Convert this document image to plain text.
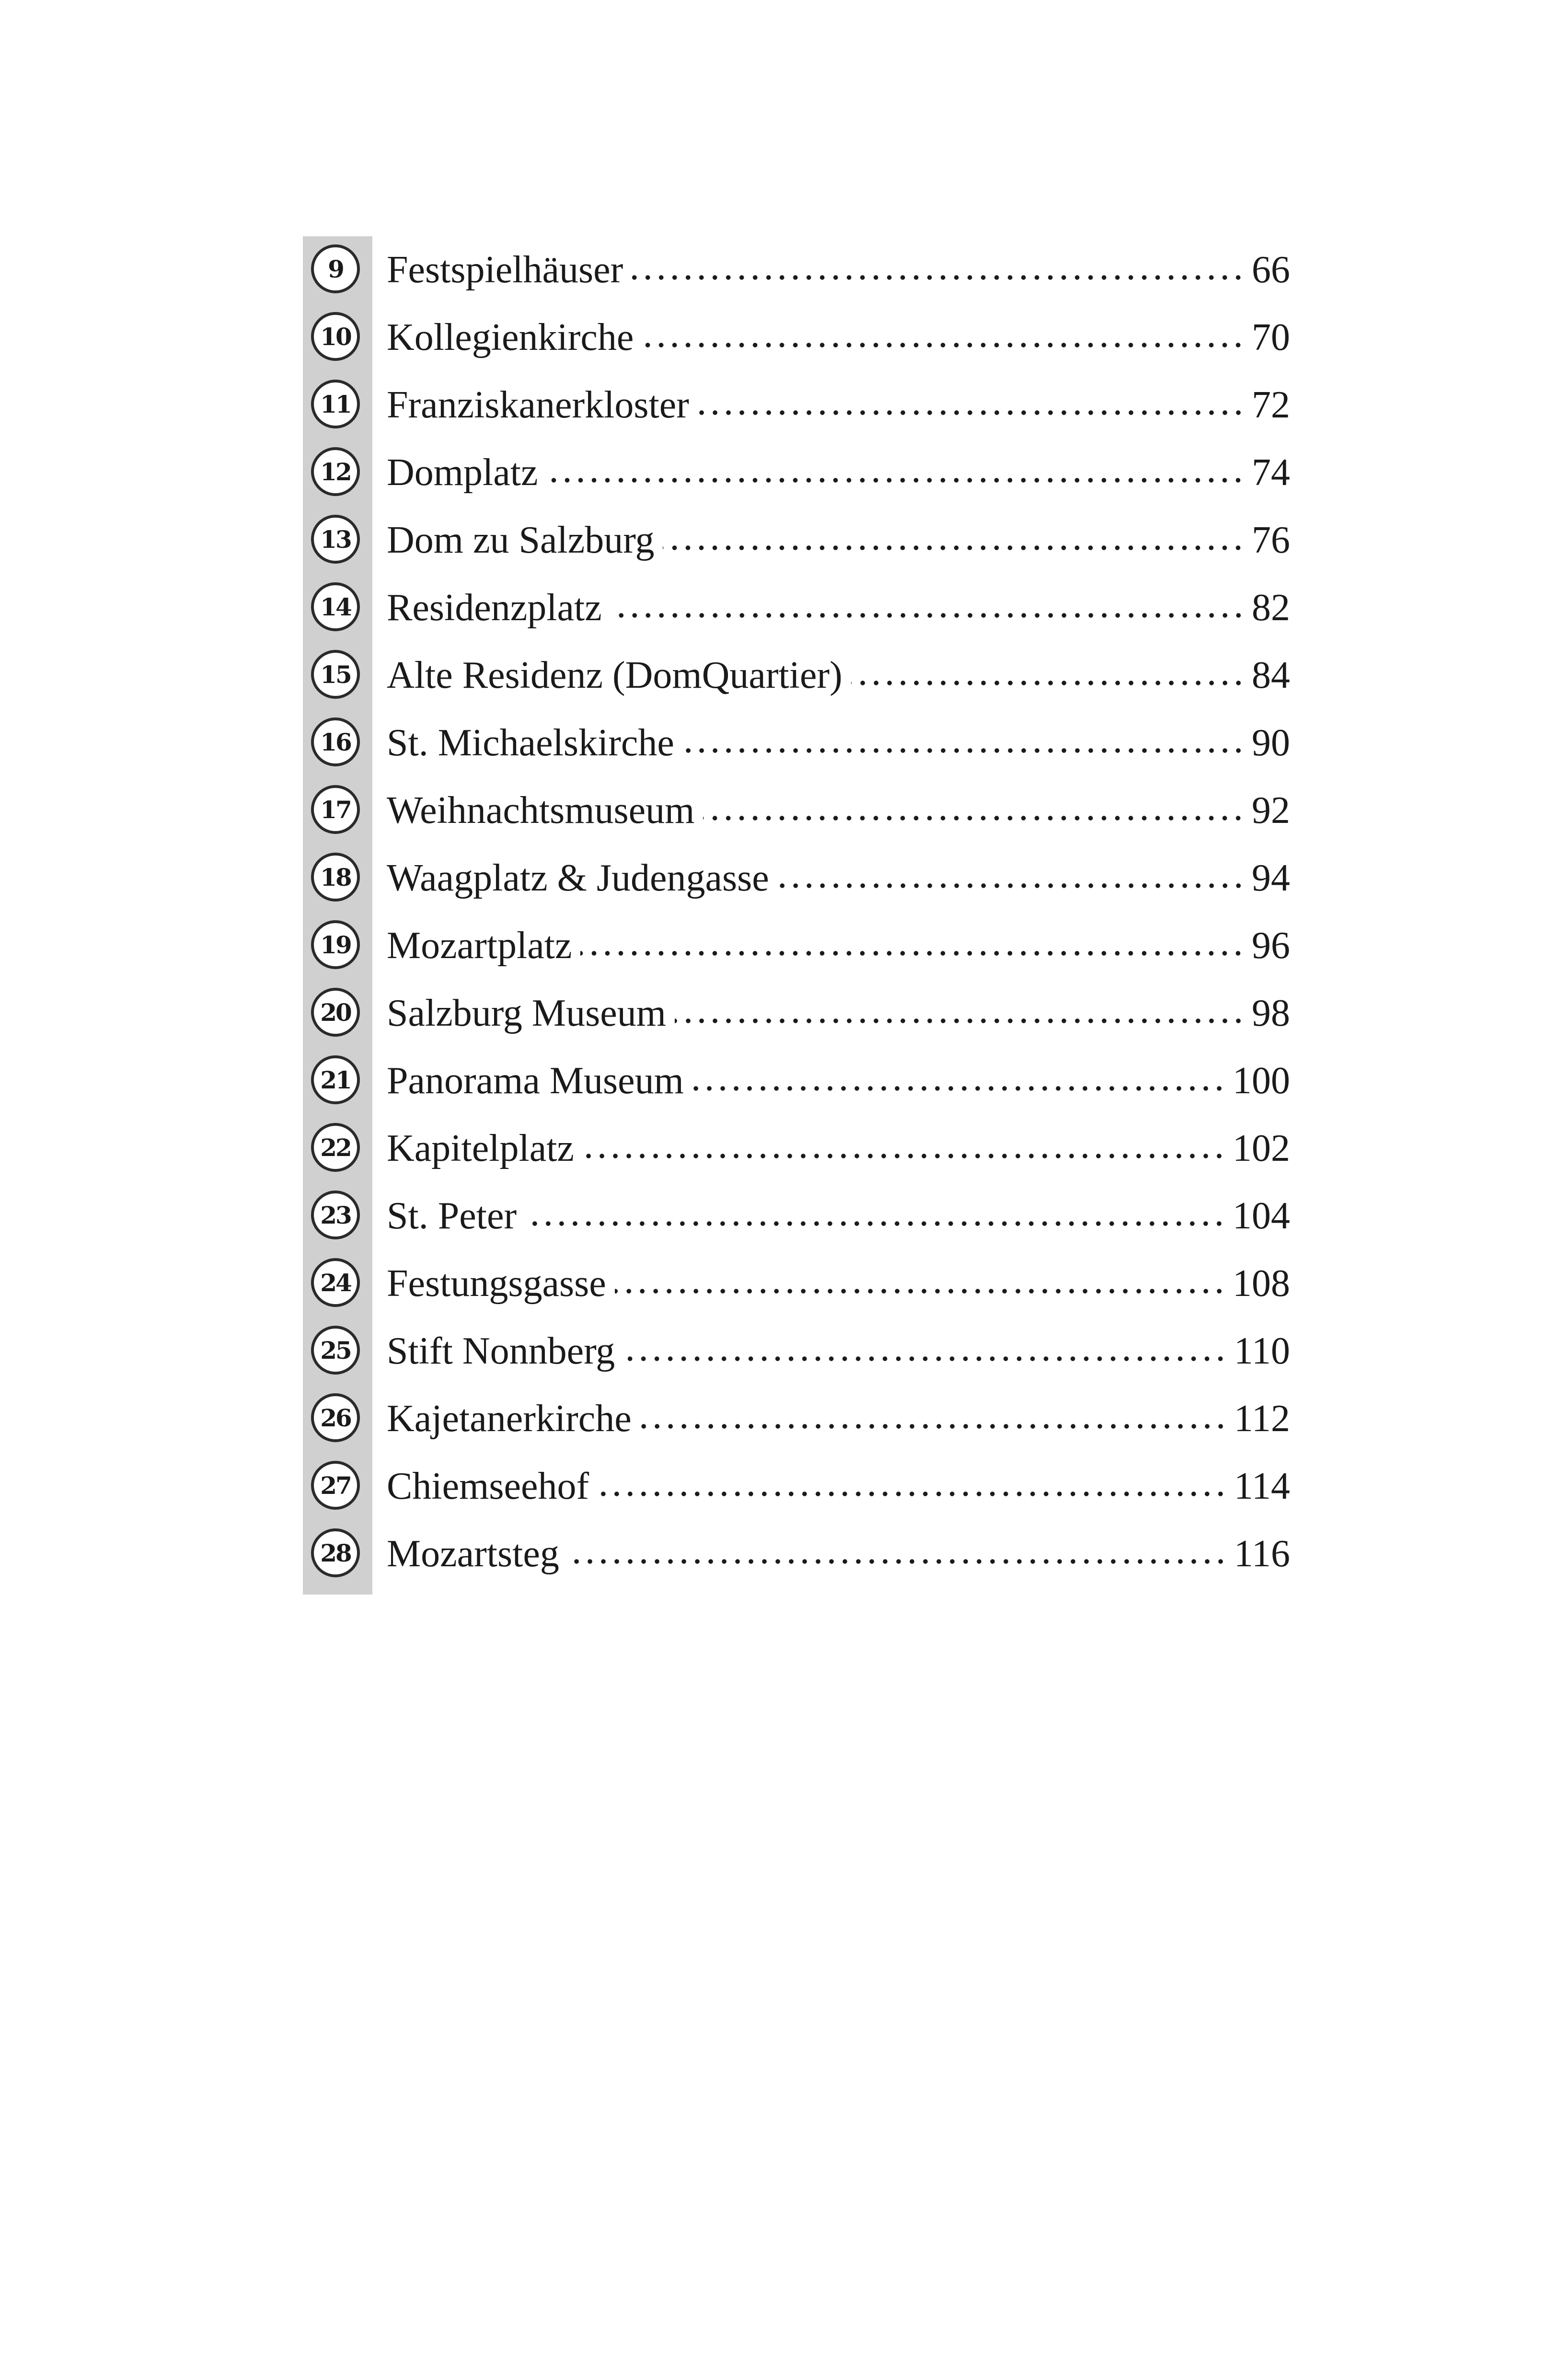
9	Festspielhäuser	66
10 Kollegienkirche	70
11 Franziskanerkloster	72
12 Domplatz	74
13 Dom zu Salzburg	76
14 Residenzplatz	82
15 Alte Residenz (DomQuartier)	84
16 St. Michaelskirche	90
17 Weihnachtsmuseum	92
18 Waagplatz & Judengasse	94
19 Mozartplatz	96
20 Salzburg Museum	98
21 Panorama Museum	100
22 Kapitelplatz	102
23 St. Peter	104
24 Festungsgasse	108
25 Stift Nonnberg	110
26 Kajetanerkirche	112
27 Chiemseehof	114
28 Mozartsteg	116
